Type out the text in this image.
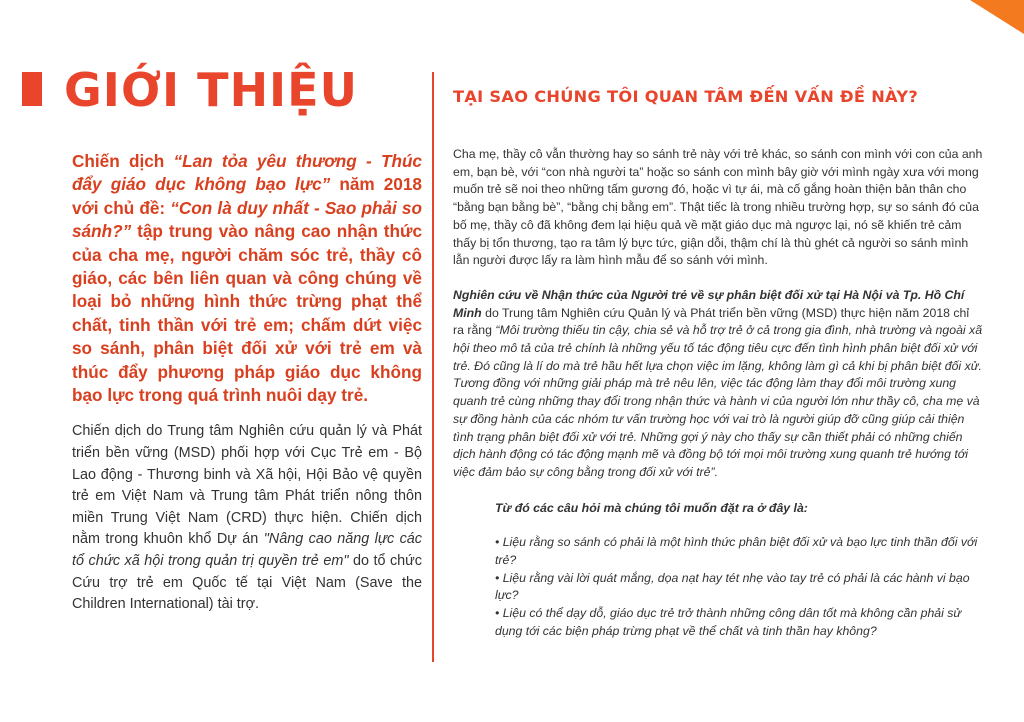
GIỚI THIỆU

Chiến dịch “Lan tỏa yêu thương - Thúc đẩy giáo dục không bạo lực” năm 2018 với chủ đề: “Con là duy nhất - Sao phải so sánh?” tập trung vào nâng cao nhận thức của cha mẹ, người chăm sóc trẻ, thầy cô giáo, các bên liên quan và công chúng về loại bỏ những hình thức trừng phạt thể chất, tinh thần với trẻ em; chấm dứt việc so sánh, phân biệt đối xử với trẻ em và thúc đẩy phương pháp giáo dục không bạo lực trong quá trình nuôi dạy trẻ.

Chiến dịch do Trung tâm Nghiên cứu quản lý và Phát triển bền vững (MSD) phối hợp với Cục Trẻ em - Bộ Lao động - Thương binh và Xã hội, Hội Bảo vệ quyền trẻ em Việt Nam và Trung tâm Phát triển nông thôn miền Trung Việt Nam (CRD) thực hiện. Chiến dịch nằm trong khuôn khổ Dự án "Nâng cao năng lực các tổ chức xã hội trong quản trị quyền trẻ em" do tổ chức Cứu trợ trẻ em Quốc tế tại Việt Nam (Save the Children International) tài trợ.

TẠI SAO CHÚNG TÔI QUAN TÂM ĐẾN VẤN ĐỀ NÀY?

Cha mẹ, thầy cô vẫn thường hay so sánh trẻ này với trẻ khác, so sánh con mình với con của anh em, bạn bè, với “con nhà người ta” hoặc so sánh con mình bây giờ với mình ngày xưa với mong muốn trẻ sẽ noi theo những tấm gương đó, hoặc vì tự ái, mà cố gắng hoàn thiện bản thân cho “bằng bạn bằng bè”, “bằng chị bằng em”. Thật tiếc là trong nhiều trường hợp, sự so sánh đó của bố mẹ, thầy cô đã không đem lại hiệu quả về mặt giáo dục mà ngược lại, nó sẽ khiến trẻ cảm thấy bị tổn thương, tạo ra tâm lý bực tức, giận dỗi, thậm chí là thù ghét cả người so sánh mình lẫn người được lấy ra làm hình mẫu để so sánh với mình.

Nghiên cứu về Nhận thức của Người trẻ về sự phân biệt đối xử tại Hà Nội và Tp. Hồ Chí Minh do Trung tâm Nghiên cứu Quản lý và Phát triển bền vững (MSD) thực hiện năm 2018 chỉ ra rằng “Môi trường thiếu tin cậy, chia sẻ và hỗ trợ trẻ ở cả trong gia đình, nhà trường và ngoài xã hội theo mô tả của trẻ chính là những yếu tố tác động tiêu cực đến tình hình phân biệt đối xử với trẻ. Đó cũng là lí do mà trẻ hầu hết lựa chọn việc im lặng, không làm gì cả khi bị phân biệt đối xử. Tương đồng với những giải pháp mà trẻ nêu lên, việc tác động làm thay đổi môi trường xung quanh trẻ cùng những thay đổi trong nhận thức và hành vi của người lớn như thầy cô, cha mẹ và sự đồng hành của các nhóm tư vấn trường học với vai trò là người giúp đỡ cũng giúp cải thiện tình trạng phân biệt đối xử với trẻ. Những gợi ý này cho thấy sự cần thiết phải có những chiến dịch hành động có tác động mạnh mẽ và đồng bộ tới mọi môi trường xung quanh trẻ hướng tới việc đảm bảo sự công bằng trong đối xử với trẻ”.

Từ đó các câu hỏi mà chúng tôi muốn đặt ra ở đây là:

• Liệu rằng so sánh có phải là một hình thức phân biệt đối xử và bạo lực tinh thần đối với trẻ?
• Liệu rằng vài lời quát mắng, dọa nạt hay tét nhẹ vào tay trẻ có phải là các hành vi bạo lực?
• Liệu có thể dạy dỗ, giáo dục trẻ trở thành những công dân tốt mà không cần phải sử dụng tới các biện pháp trừng phạt về thể chất và tinh thần hay không?
